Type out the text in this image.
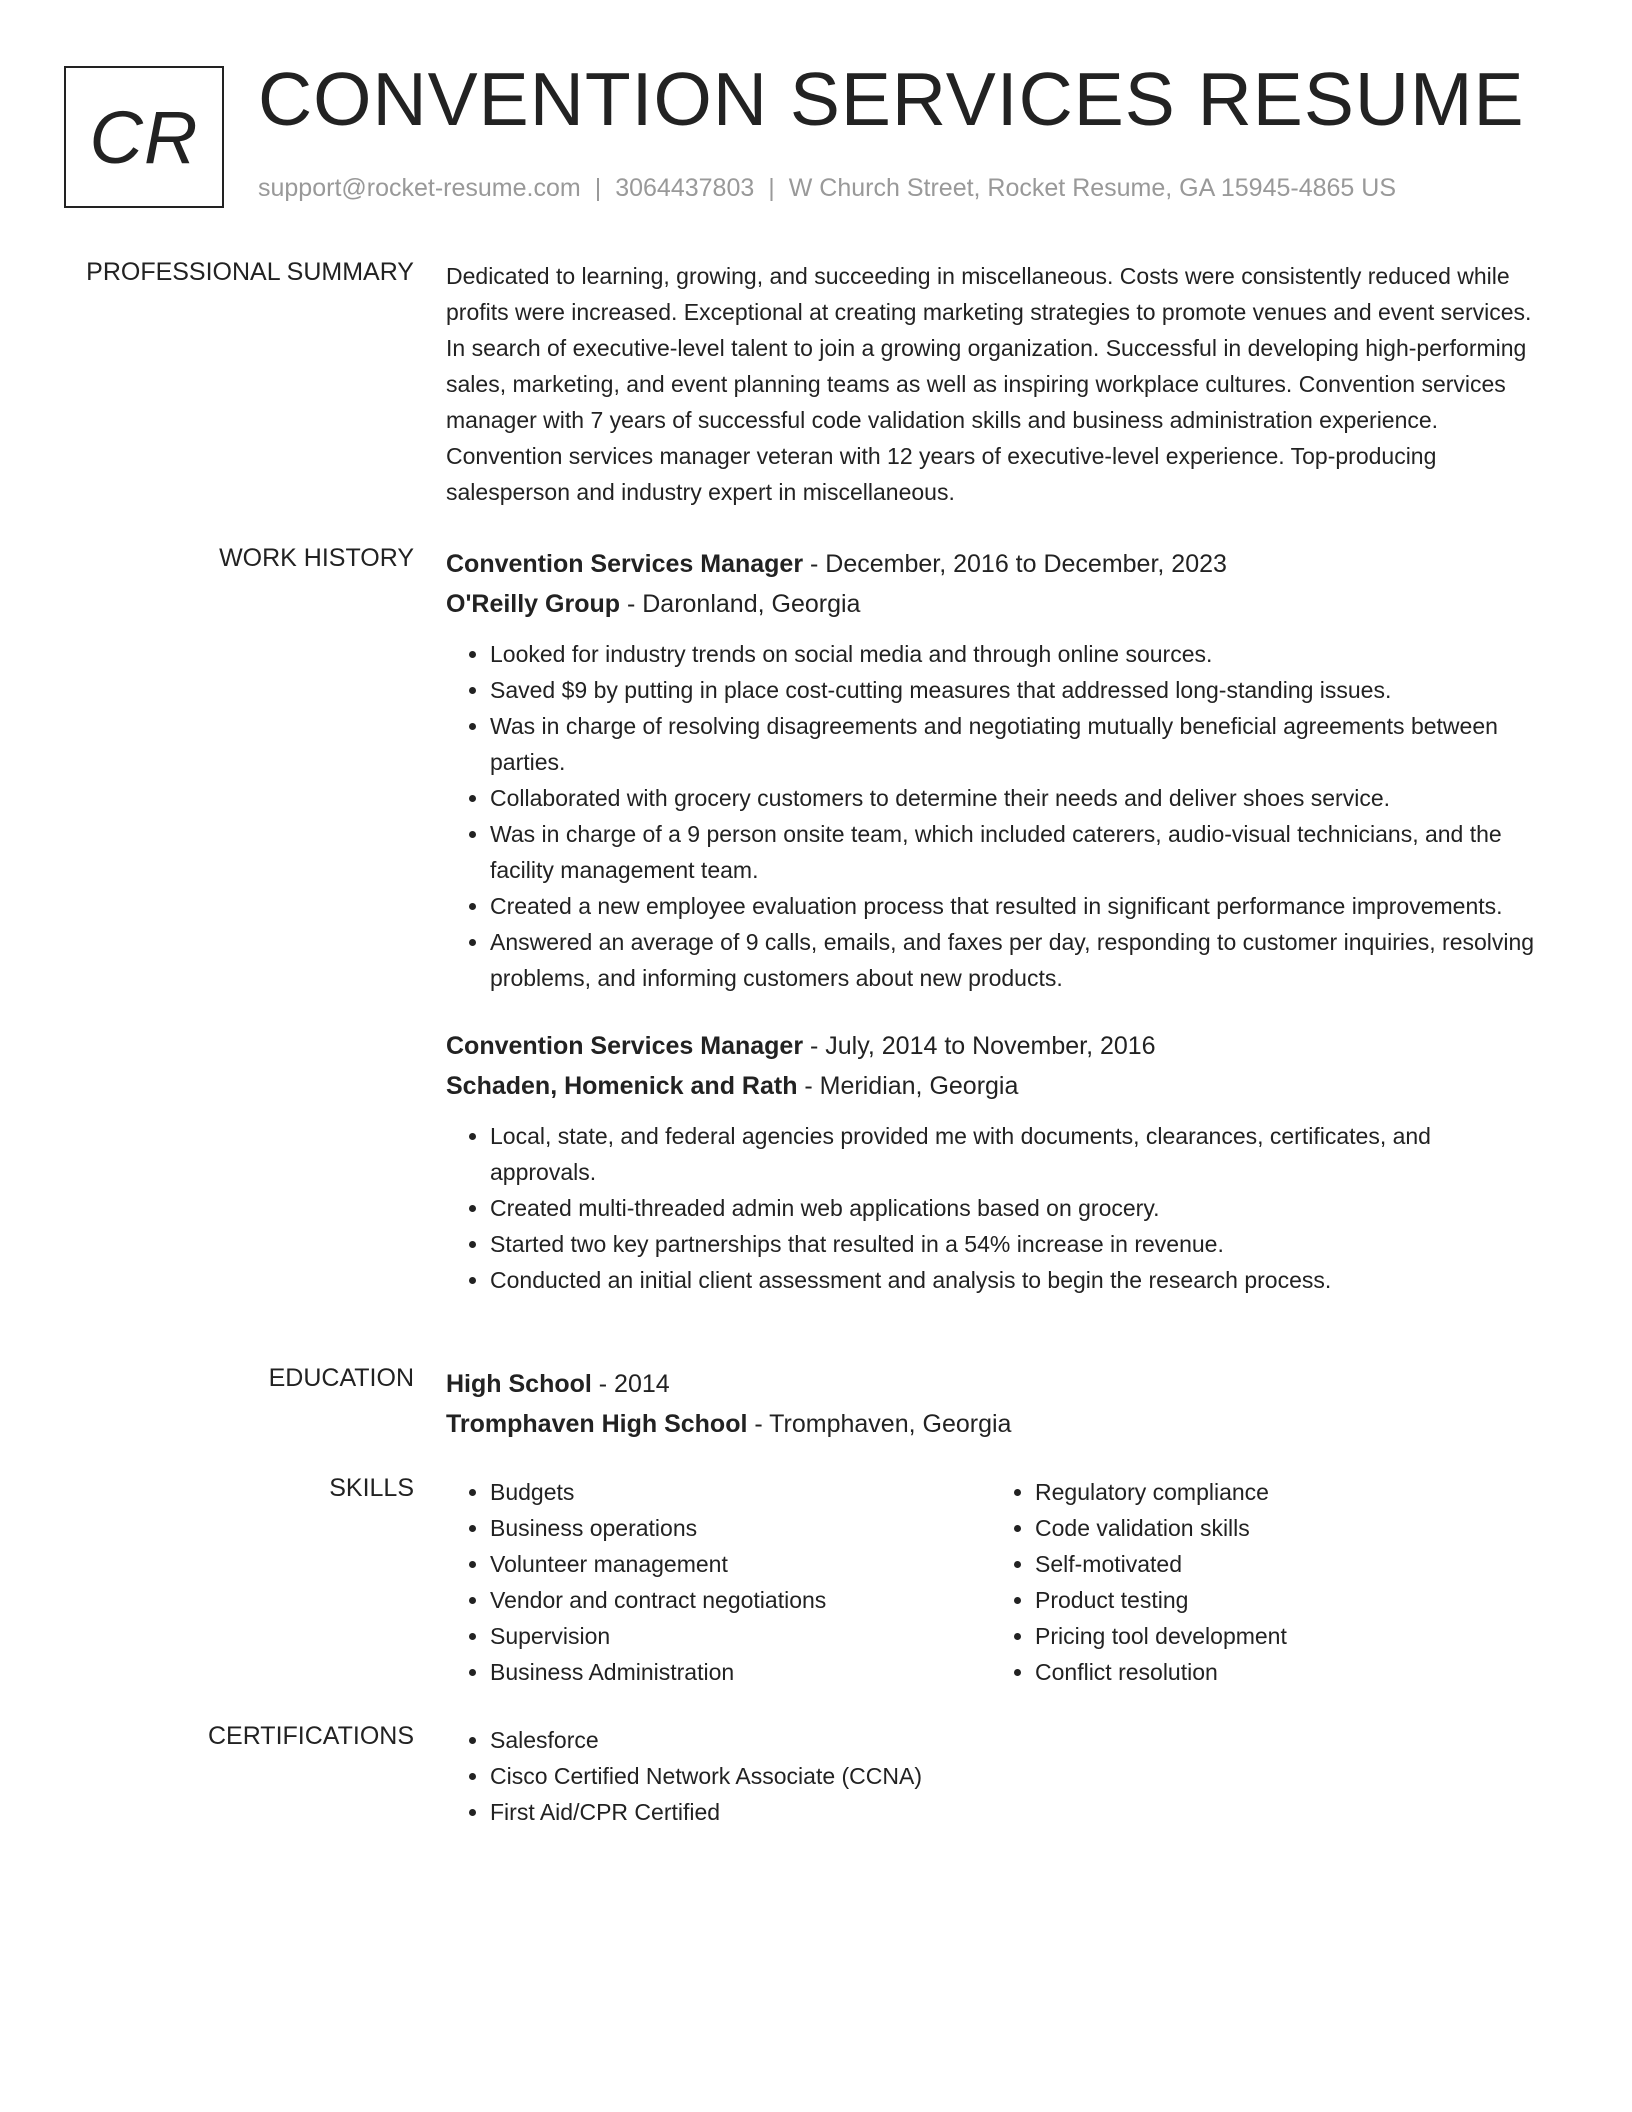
CR CONVENTION SERVICES RESUME
support@rocket-resume.com | 3064437803 | W Church Street, Rocket Resume, GA 15945-4865 US
PROFESSIONAL SUMMARY Dedicated to learning, growing, and succeeding in miscellaneous. Costs were consistently reduced while profits were increased. Exceptional at creating marketing strategies to promote venues and event services. In search of executive-level talent to join a growing organization. Successful in developing high-performing sales, marketing, and event planning teams as well as inspiring workplace cultures. Convention services manager with 7 years of successful code validation skills and business administration experience. Convention services manager veteran with 12 years of executive-level experience. Top-producing salesperson and industry expert in miscellaneous.
WORK HISTORY Convention Services Manager - December, 2016 to December, 2023
O'Reilly Group - Daronland, Georgia
• Looked for industry trends on social media and through online sources.
• Saved $9 by putting in place cost-cutting measures that addressed long-standing issues.
• Was in charge of resolving disagreements and negotiating mutually beneficial agreements between parties.
• Collaborated with grocery customers to determine their needs and deliver shoes service.
• Was in charge of a 9 person onsite team, which included caterers, audio-visual technicians, and the facility management team.
• Created a new employee evaluation process that resulted in significant performance improvements.
• Answered an average of 9 calls, emails, and faxes per day, responding to customer inquiries, resolving problems, and informing customers about new products.
Convention Services Manager - July, 2014 to November, 2016
Schaden, Homenick and Rath - Meridian, Georgia
• Local, state, and federal agencies provided me with documents, clearances, certificates, and approvals.
• Created multi-threaded admin web applications based on grocery.
• Started two key partnerships that resulted in a 54% increase in revenue.
• Conducted an initial client assessment and analysis to begin the research process.
EDUCATION High School - 2014
Tromphaven High School - Tromphaven, Georgia
SKILLS	• Budgets
• Business operations
• Volunteer management
• Vendor and contract negotiations
• Supervision
• Business Administration
• Regulatory compliance
• Code validation skills
• Self-motivated
• Product testing
• Pricing tool development
• Conflict resolution
CERTIFICATIONS	• Salesforce
• Cisco Certified Network Associate (CCNA)
• First Aid/CPR Certified
